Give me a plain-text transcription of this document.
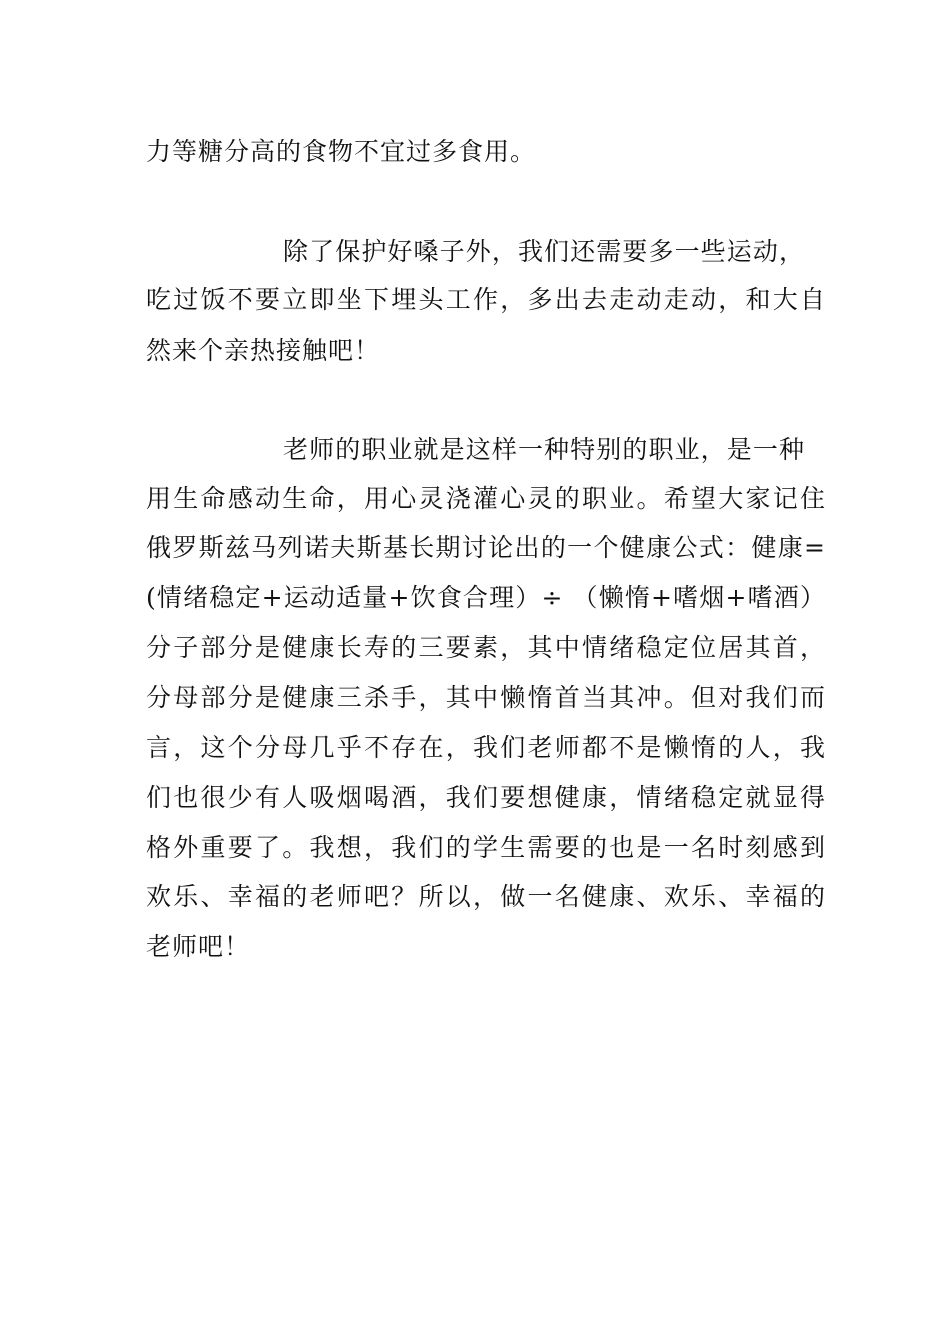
力等糖分高的食物不宜过多食用。
除了保护好嗓子外，我们还需要多一些运动，
吃过饭不要立即坐下埋头工作，多出去走动走动，和大自
然来个亲热接触吧！
老师的职业就是这样一种特别的职业，是一种
用生命感动生命，用心灵浇灌心灵的职业。希望大家记住
俄罗斯兹马列诺夫斯基长期讨论出的一个健康公式：健康=
(情绪稳定+运动适量+饮食合理）÷ （懒惰+嗜烟+嗜酒）
分子部分是健康长寿的三要素，其中情绪稳定位居其首，
分母部分是健康三杀手，其中懒惰首当其冲。但对我们而
言，这个分母几乎不存在，我们老师都不是懒惰的人，我
们也很少有人吸烟喝酒，我们要想健康，情绪稳定就显得
格外重要了。我想，我们的学生需要的也是一名时刻感到
欢乐、幸福的老师吧？所以，做一名健康、欢乐、幸福的
老师吧！
